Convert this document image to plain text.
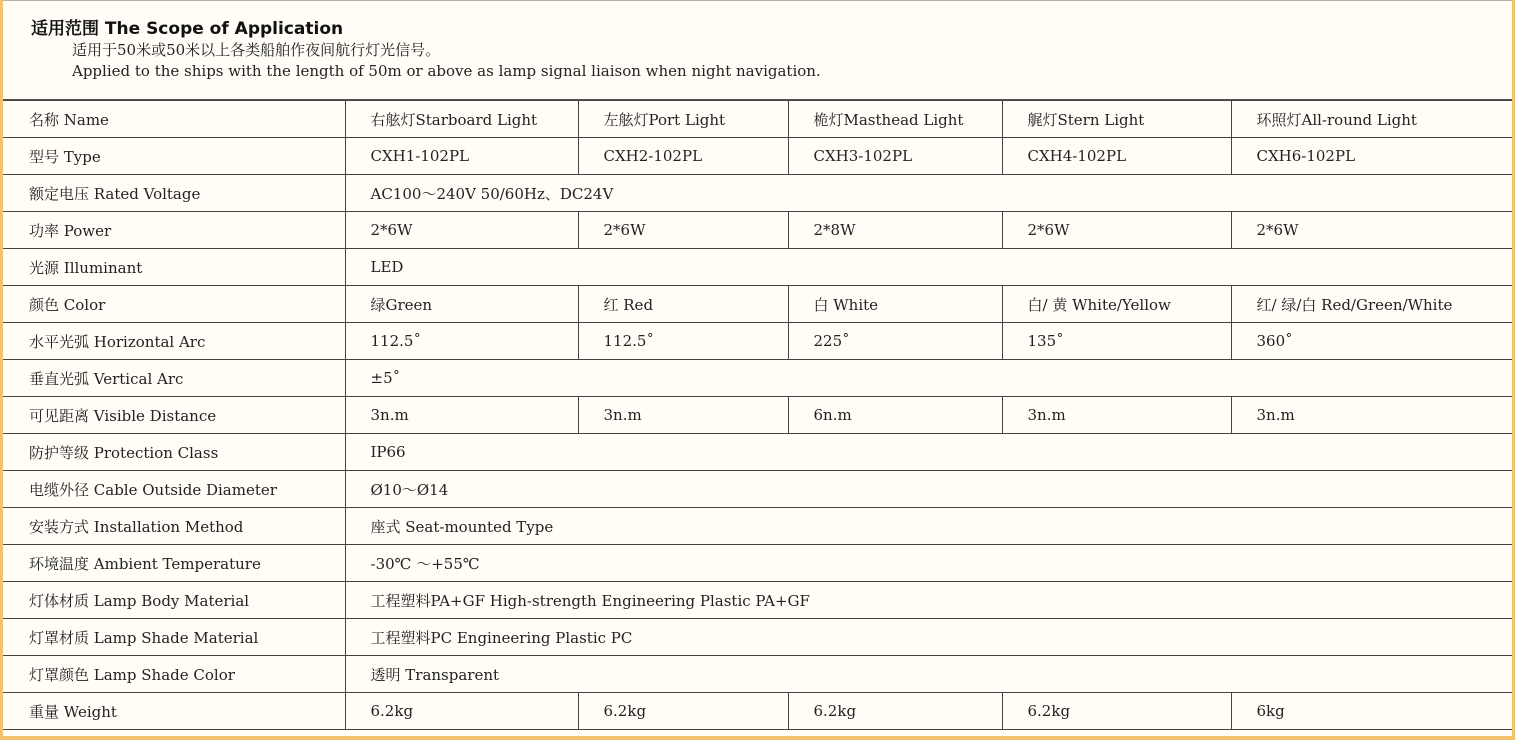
适用范围 The Scope of Application
适用于50米或50米以上各类船舶作夜间航行灯光信号。
Applied to the ships with the length of 50m or above as lamp signal liaison when night navigation.
名称 Name	右舷灯Starboard Light	左舷灯Port Light	桅灯Masthead Light	艉灯Stern Light	环照灯All-round Light
型号 Type	CXH1-102PL	CXH2-102PL	CXH3-102PL	CXH4-102PL	CXH6-102PL
额定电压 Rated Voltage	AC100～240V 50/60Hz、DC24V				
功率 Power	2*6W	2*6W	2*8W	2*6W	2*6W
光源 Illuminant	LED				
颜色 Color	绿Green	红 Red	白 White	白/ 黄 White/Yellow	红/ 绿/白 Red/Green/White
水平光弧 Horizontal Arc	112.5˚	112.5˚	225˚	135˚	360˚
垂直光弧 Vertical Arc	±5˚				
可见距离 Visible Distance	3n.m	3n.m	6n.m	3n.m	3n.m
防护等级 Protection Class	IP66				
电缆外径 Cable Outside Diameter	Ø10～Ø14				
安装方式 Installation Method	座式 Seat-mounted Type				
环境温度 Ambient Temperature	-30℃ ～+55℃				
灯体材质 Lamp Body Material	工程塑料PA+GF High-strength Engineering Plastic PA+GF				
灯罩材质 Lamp Shade Material	工程塑料PC Engineering Plastic PC				
灯罩颜色 Lamp Shade Color	透明 Transparent				
重量 Weight	6.2kg	6.2kg	6.2kg	6.2kg	6kg
